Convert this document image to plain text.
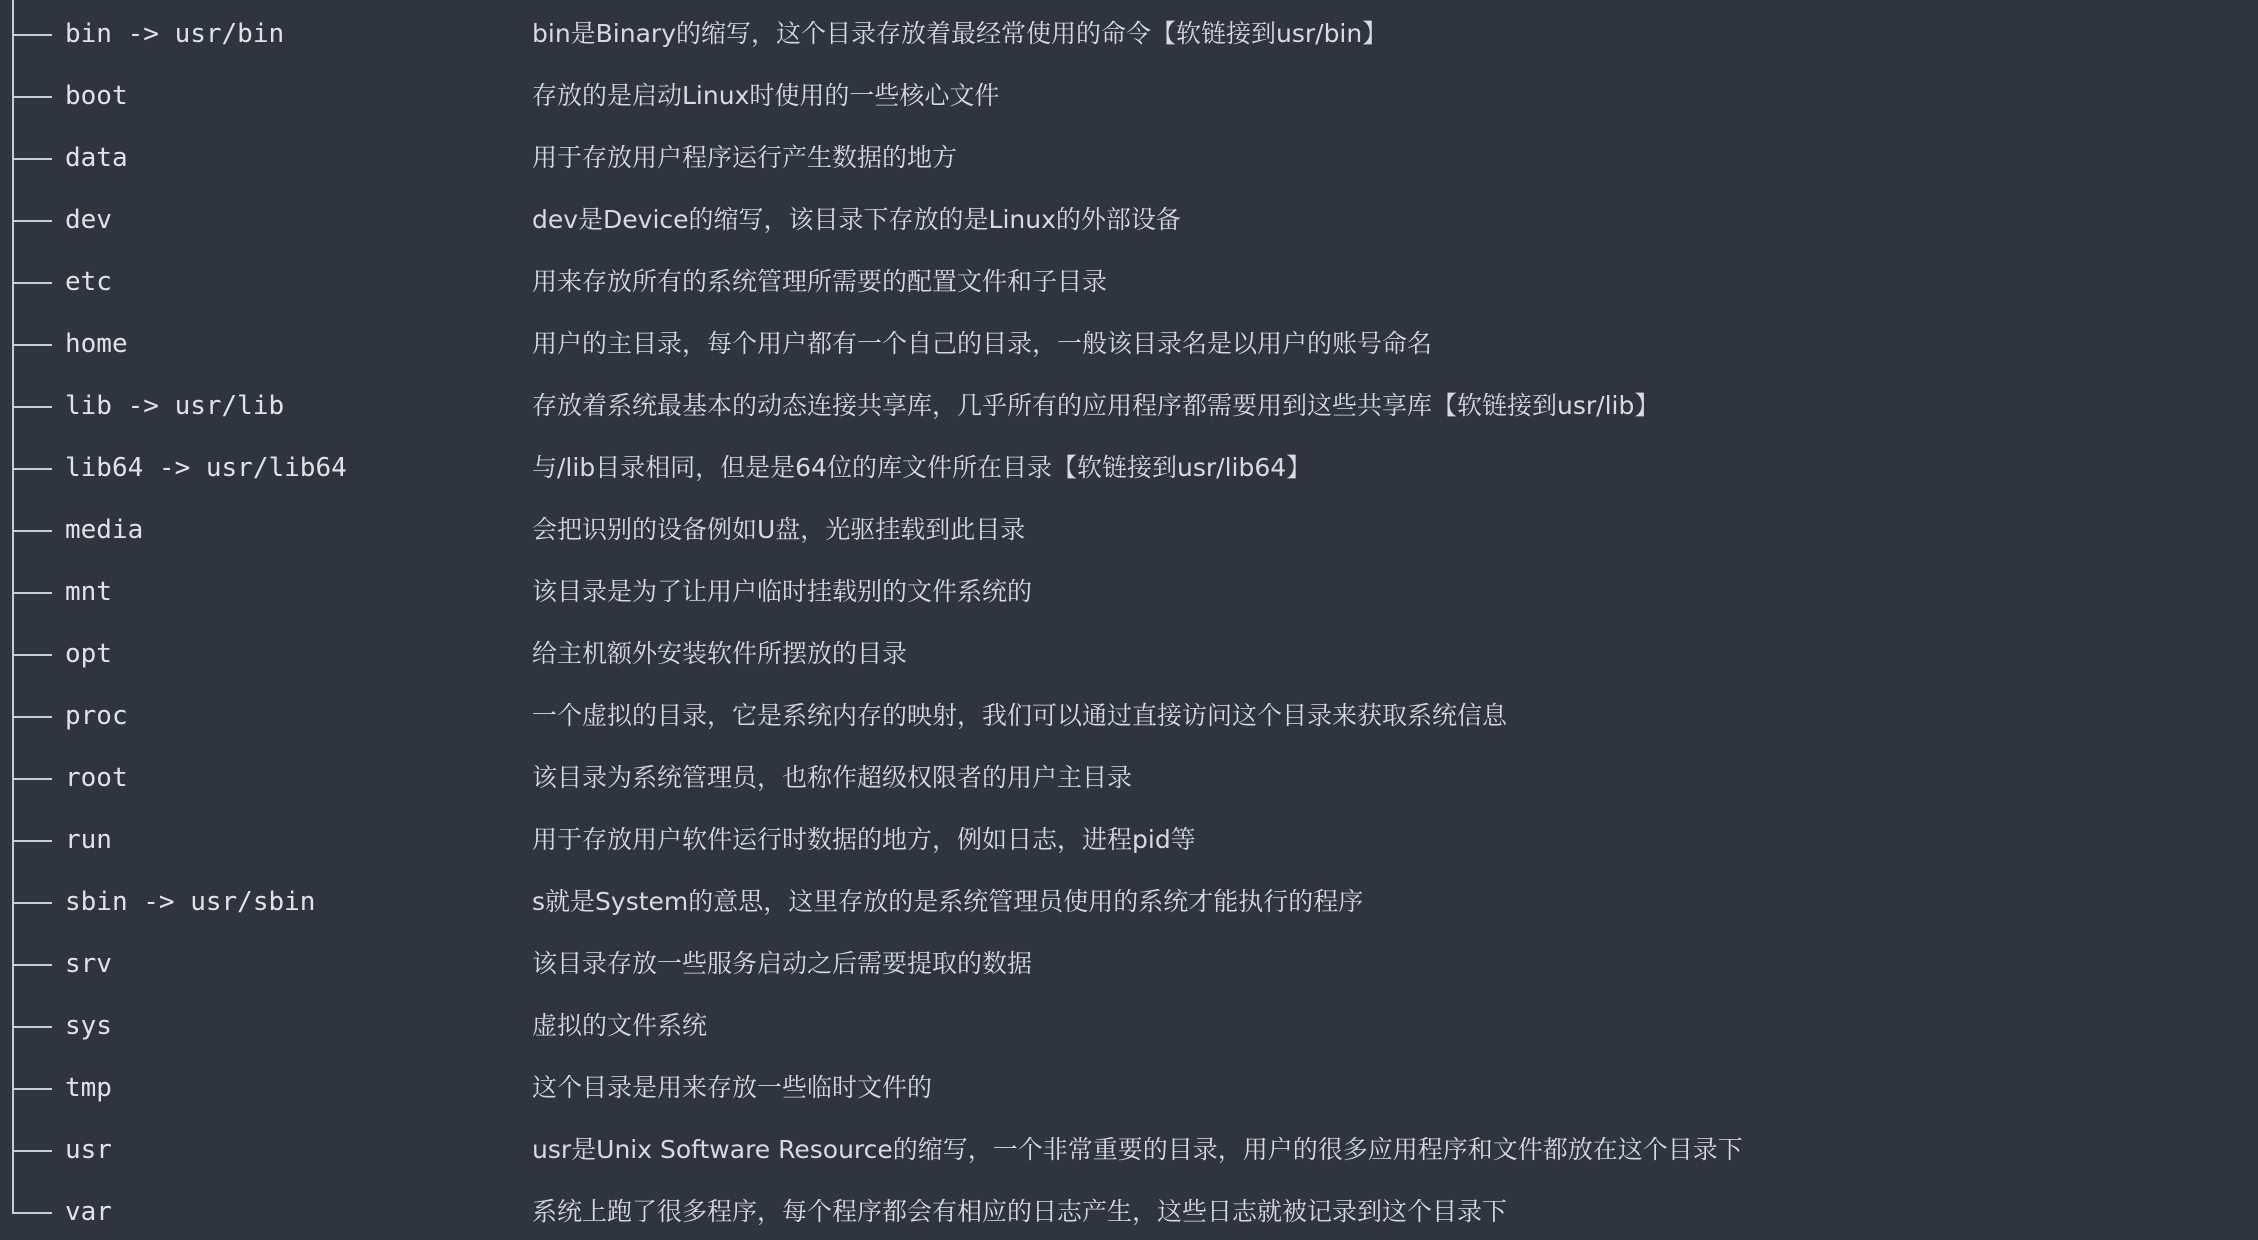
bin -> usr/bin	bin是Binary的缩写，这个目录存放着最经常使用的命令【软链接到usr/bin】
boot	存放的是启动Linux时使用的一些核心文件
data	用于存放用户程序运行产生数据的地方
dev	dev是Device的缩写，该目录下存放的是Linux的外部设备
etc	用来存放所有的系统管理所需要的配置文件和子目录
home	用户的主目录，每个用户都有一个自己的目录，一般该目录名是以用户的账号命名
lib -> usr/lib	存放着系统最基本的动态连接共享库，几乎所有的应用程序都需要用到这些共享库【软链接到usr/lib】
lib64 -> usr/lib64	与/lib目录相同，但是是64位的库文件所在目录【软链接到usr/lib64】
media	会把识别的设备例如U盘，光驱挂载到此目录
mnt	该目录是为了让用户临时挂载别的文件系统的
opt	给主机额外安装软件所摆放的目录
proc	一个虚拟的目录，它是系统内存的映射，我们可以通过直接访问这个目录来获取系统信息
root	该目录为系统管理员，也称作超级权限者的用户主目录
run	用于存放用户软件运行时数据的地方，例如日志，进程pid等
sbin -> usr/sbin	s就是System的意思，这里存放的是系统管理员使用的系统才能执行的程序
srv	该目录存放一些服务启动之后需要提取的数据
sys	虚拟的文件系统
tmp	这个目录是用来存放一些临时文件的
usr	usr是Unix Software Resource的缩写，一个非常重要的目录，用户的很多应用程序和文件都放在这个目录下
var	系统上跑了很多程序，每个程序都会有相应的日志产生，这些日志就被记录到这个目录下
